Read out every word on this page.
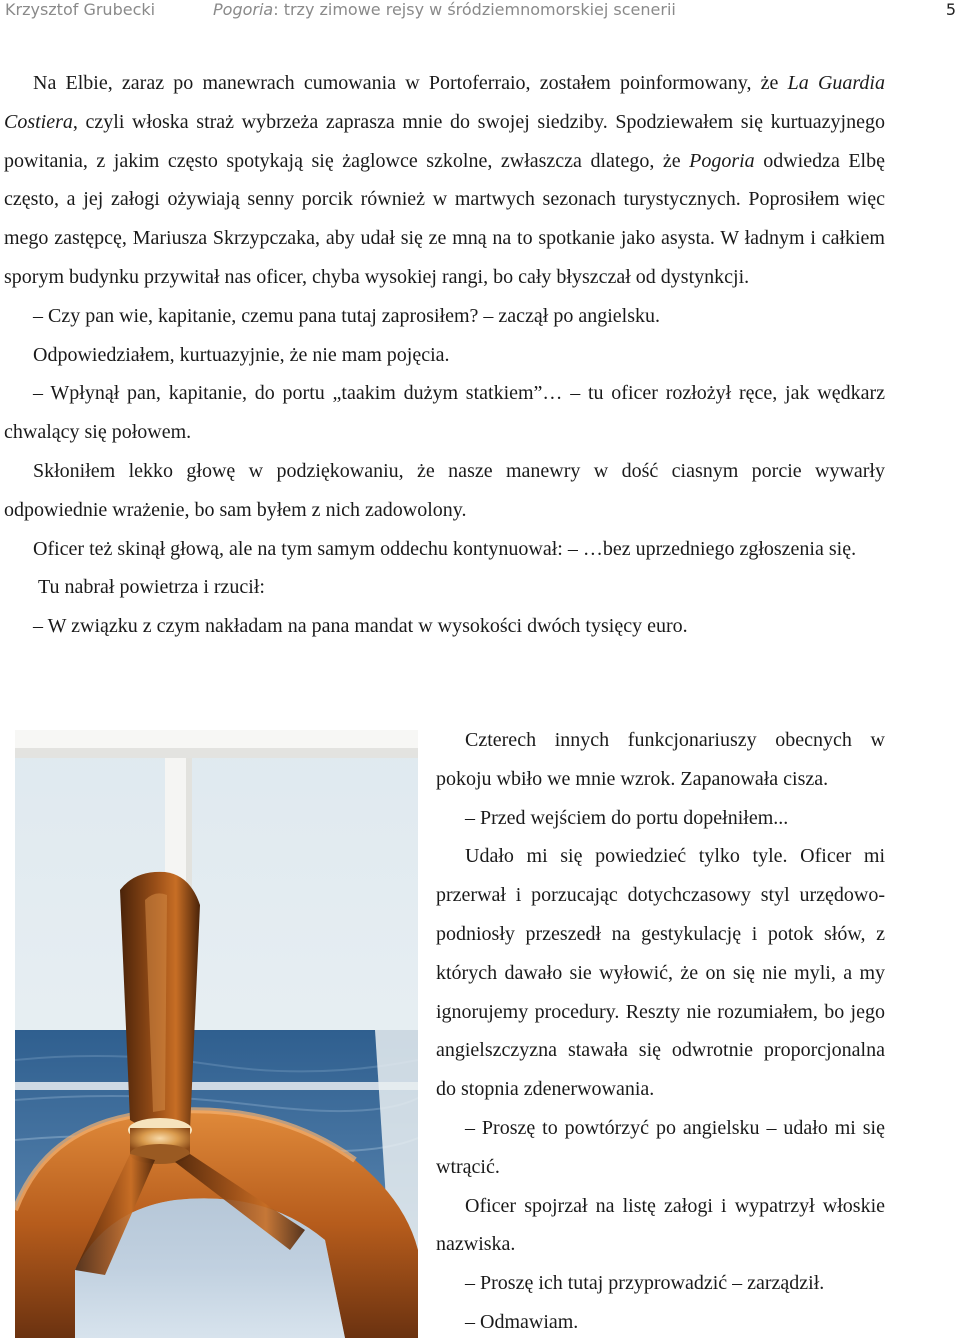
Krzysztof Grubecki	Pogoria: trzy zimowe rejsy w śródziemnomorskiej scenerii	5

Na Elbie, zaraz po manewrach cumowania w Portoferraio, zostałem poinformowany, że La Guardia Costiera, czyli włoska straż wybrzeża zaprasza mnie do swojej siedziby. Spodziewałem się kurtuazyjnego powitania, z jakim często spotykają się żaglowce szkolne, zwłaszcza dlatego, że Pogoria odwiedza Elbę często, a jej załogi ożywiają senny porcik również w martwych sezonach turystycznych. Poprosiłem więc mego zastępcę, Mariusza Skrzypczaka, aby udał się ze mną na to spotkanie jako asysta. W ładnym i całkiem sporym budynku przywitał nas oficer, chyba wysokiej rangi, bo cały błyszczał od dystynkcji.

– Czy pan wie, kapitanie, czemu pana tutaj zaprosiłem? – zaczął po angielsku.

Odpowiedziałem, kurtuazyjnie, że nie mam pojęcia.

– Wpłynął pan, kapitanie, do portu „taakim dużym statkiem”… – tu oficer rozłożył ręce, jak wędkarz chwalący się połowem.

Skłoniłem lekko głowę w podziękowaniu, że nasze manewry w dość ciasnym porcie wywarły odpowiednie wrażenie, bo sam byłem z nich zadowolony.

Oficer też skinął głową, ale na tym samym oddechu kontynuował: – …bez uprzedniego zgłoszenia się.

Tu nabrał powietrza i rzucił:

– W związku z czym nakładam na pana mandat w wysokości dwóch tysięcy euro.

Czterech innych funkcjonariuszy obecnych w pokoju wbiło we mnie wzrok. Zapanowała cisza.

– Przed wejściem do portu dopełniłem...

Udało mi się powiedzieć tylko tyle. Oficer mi przerwał i porzucając dotychczasowy styl urzędowo-podniosły przeszedł na gestykulację i potok słów, z których dawało sie wyłowić, że on się nie myli, a my ignorujemy procedury. Reszty nie rozumiałem, bo jego angielszczyzna stawała się odwrotnie proporcjonalna do stopnia zdenerwowania.

– Proszę to powtórzyć po angielsku – udało mi się wtrącić.

Oficer spojrzał na listę załogi i wypatrzył włoskie nazwiska.

– Proszę ich tutaj przyprowadzić – zarządził.

– Odmawiam.
